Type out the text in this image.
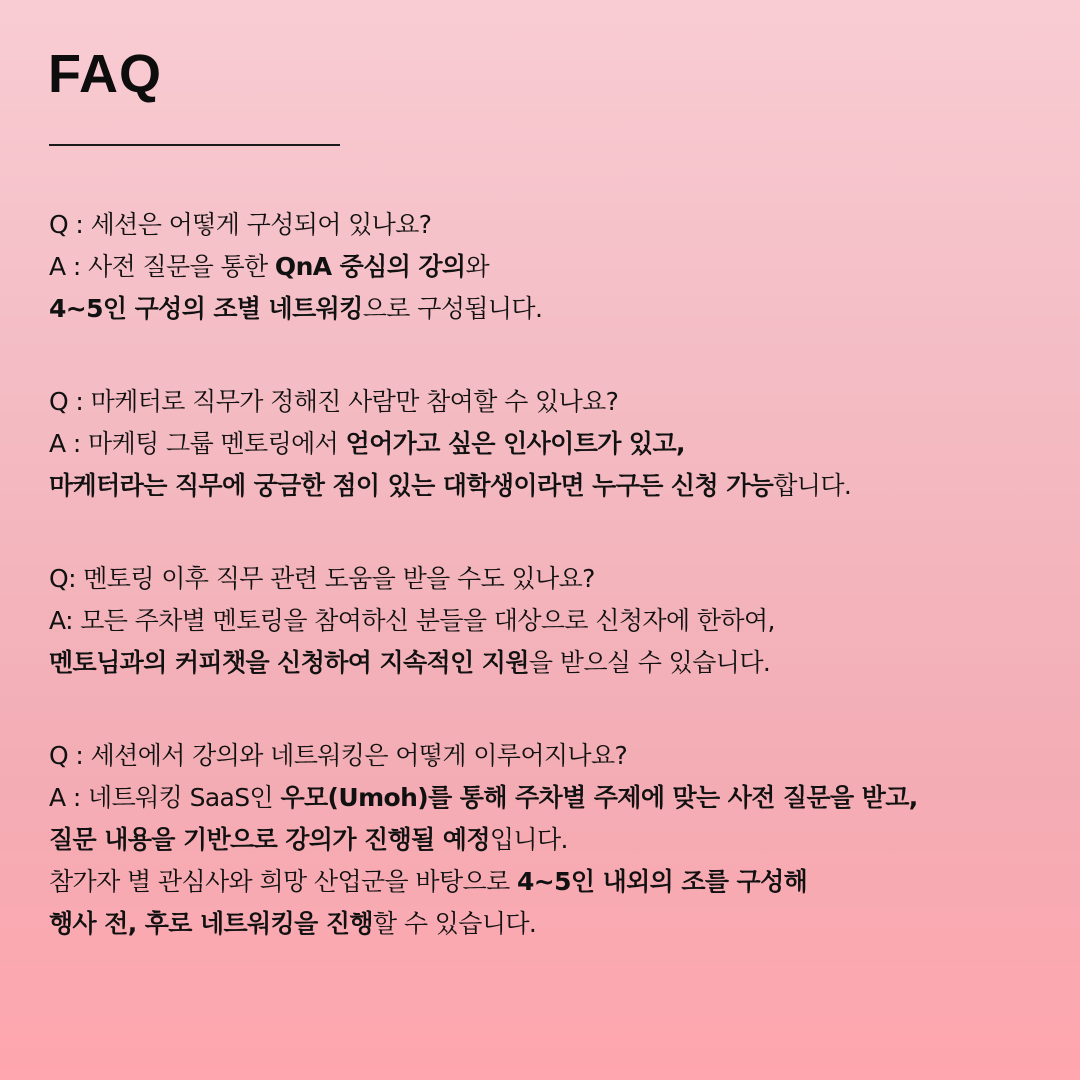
FAQ
Q : 세션은 어떻게 구성되어 있나요?
A : 사전 질문을 통한 QnA 중심의 강의와
4~5인 구성의 조별 네트워킹으로 구성됩니다.
Q : 마케터로 직무가 정해진 사람만 참여할 수 있나요?
A : 마케팅 그룹 멘토링에서 얻어가고 싶은 인사이트가 있고,
마케터라는 직무에 궁금한 점이 있는 대학생이라면 누구든 신청 가능합니다.
Q: 멘토링 이후 직무 관련 도움을 받을 수도 있나요?
A: 모든 주차별 멘토링을 참여하신 분들을 대상으로 신청자에 한하여,
멘토님과의 커피챗을 신청하여 지속적인 지원을 받으실 수 있습니다.
Q : 세션에서 강의와 네트워킹은 어떻게 이루어지나요?
A : 네트워킹 SaaS인 우모(Umoh)를 통해 주차별 주제에 맞는 사전 질문을 받고,
질문 내용을 기반으로 강의가 진행될 예정입니다.
참가자 별 관심사와 희망 산업군을 바탕으로 4~5인 내외의 조를 구성해
행사 전, 후로 네트워킹을 진행할 수 있습니다.
